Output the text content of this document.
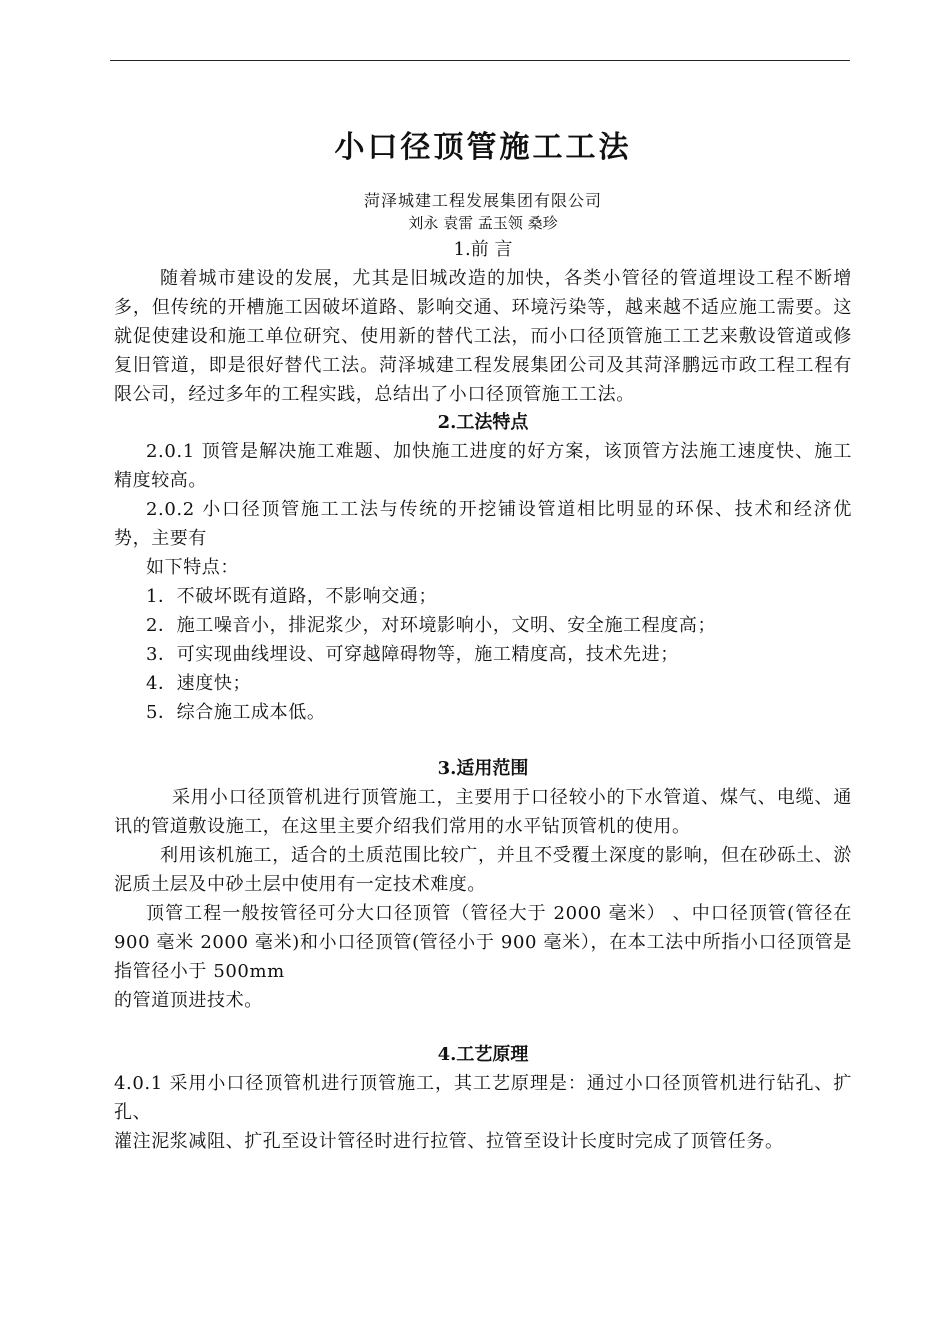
小口径顶管施工工法
菏泽城建工程发展集团有限公司
刘永 袁雷 孟玉领 桑珍
1.前 言

随着城市建设的发展，尤其是旧城改造的加快，各类小管径的管道埋设工程不断增多，但传统的开槽施工因破坏道路、影响交通、环境污染等，越来越不适应施工需要。这就促使建设和施工单位研究、使用新的替代工法，而小口径顶管施工工艺来敷设管道或修复旧管道，即是很好替代工法。菏泽城建工程发展集团公司及其菏泽鹏远市政工程工程有限公司，经过多年的工程实践，总结出了小口径顶管施工工法。

2.工法特点

2.0.1 顶管是解决施工难题、加快施工进度的好方案，该顶管方法施工速度快、施工精度较高。

2.0.2 小口径顶管施工工法与传统的开挖铺设管道相比明显的环保、技术和经济优势，主要有

如下特点：

1．不破坏既有道路，不影响交通；

2．施工噪音小，排泥浆少，对环境影响小，文明、安全施工程度高；

3．可实现曲线埋设、可穿越障碍物等，施工精度高，技术先进；

4．速度快；

5．综合施工成本低。

3.适用范围

采用小口径顶管机进行顶管施工，主要用于口径较小的下水管道、煤气、电缆、通讯的管道敷设施工，在这里主要介绍我们常用的水平钻顶管机的使用。

利用该机施工，适合的土质范围比较广，并且不受覆土深度的影响，但在砂砾土、淤泥质土层及中砂土层中使用有一定技术难度。

顶管工程一般按管径可分大口径顶管（管径大于 2000 毫米） 、中口径顶管(管径在 900 毫米 2000 毫米)和小口径顶管(管径小于 900 毫米），在本工法中所指小口径顶管是指管径小于 500mm

的管道顶进技术。

4.工艺原理

4.0.1 采用小口径顶管机进行顶管施工，其工艺原理是：通过小口径顶管机进行钻孔、扩孔、

灌注泥浆减阻、扩孔至设计管径时进行拉管、拉管至设计长度时完成了顶管任务。
